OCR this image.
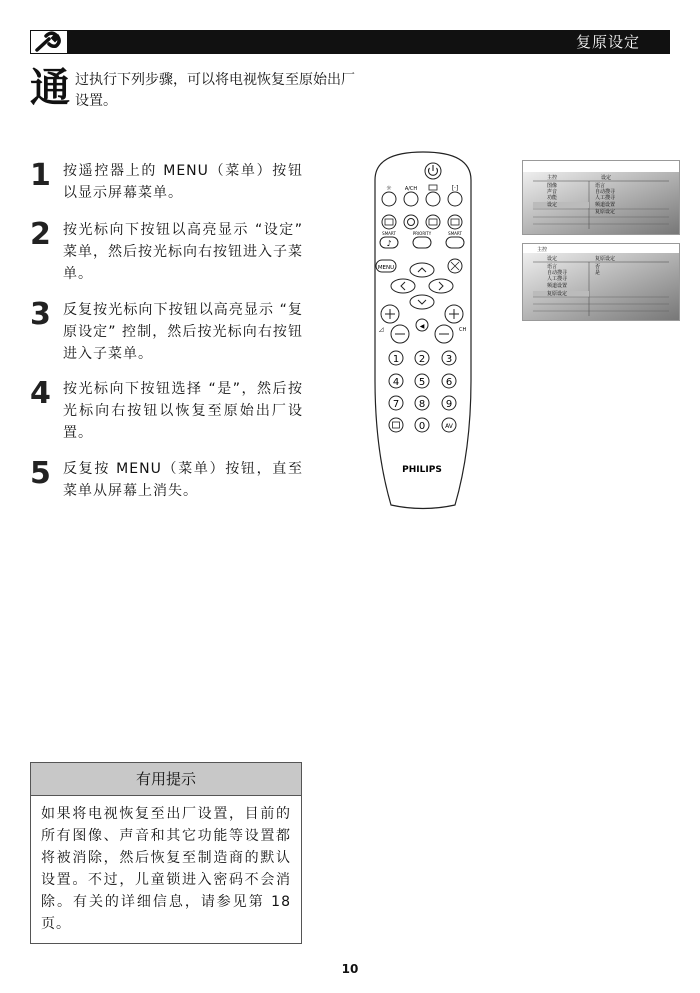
复原设定
通 过执行下列步骤，可以将电视恢复至原始出厂设置。
1 按遥控器上的 MENU（菜单）按钮以显示屏幕菜单。
2 按光标向下按钮以高亮显示 “设定” 菜单，然后按光标向右按钮进入子菜单。
3 反复按光标向下按钮以高亮显示 “复原设定” 控制，然后按光标向右按钮进入子菜单。
4 按光标向下按钮选择 “是”，然后按光标向右按钮以恢复至原始出厂设置。
5 反复按 MENU（菜单）按钮，直至菜单从屏幕上消失。
☼	A/CH	[·]
SMART	PRIORITY	SMART
♪
MENU
◀
◿	CH
1 2 3
4 5 6
7 8 9
0	AV
PHILIPS
主控	设定
图像
声音
功能
设定
语言
自动搜寻
人工搜寻
频道设置
复原设定
主控
设定	复原设定
语言
自动搜寻
人工搜寻
频道设置
复原设定
否
是
有用提示
如果将电视恢复至出厂设置，目前的所有图像、声音和其它功能等设置都将被消除，然后恢复至制造商的默认设置。不过，儿童锁进入密码不会消除。有关的详细信息，请参见第 18 页。
10
